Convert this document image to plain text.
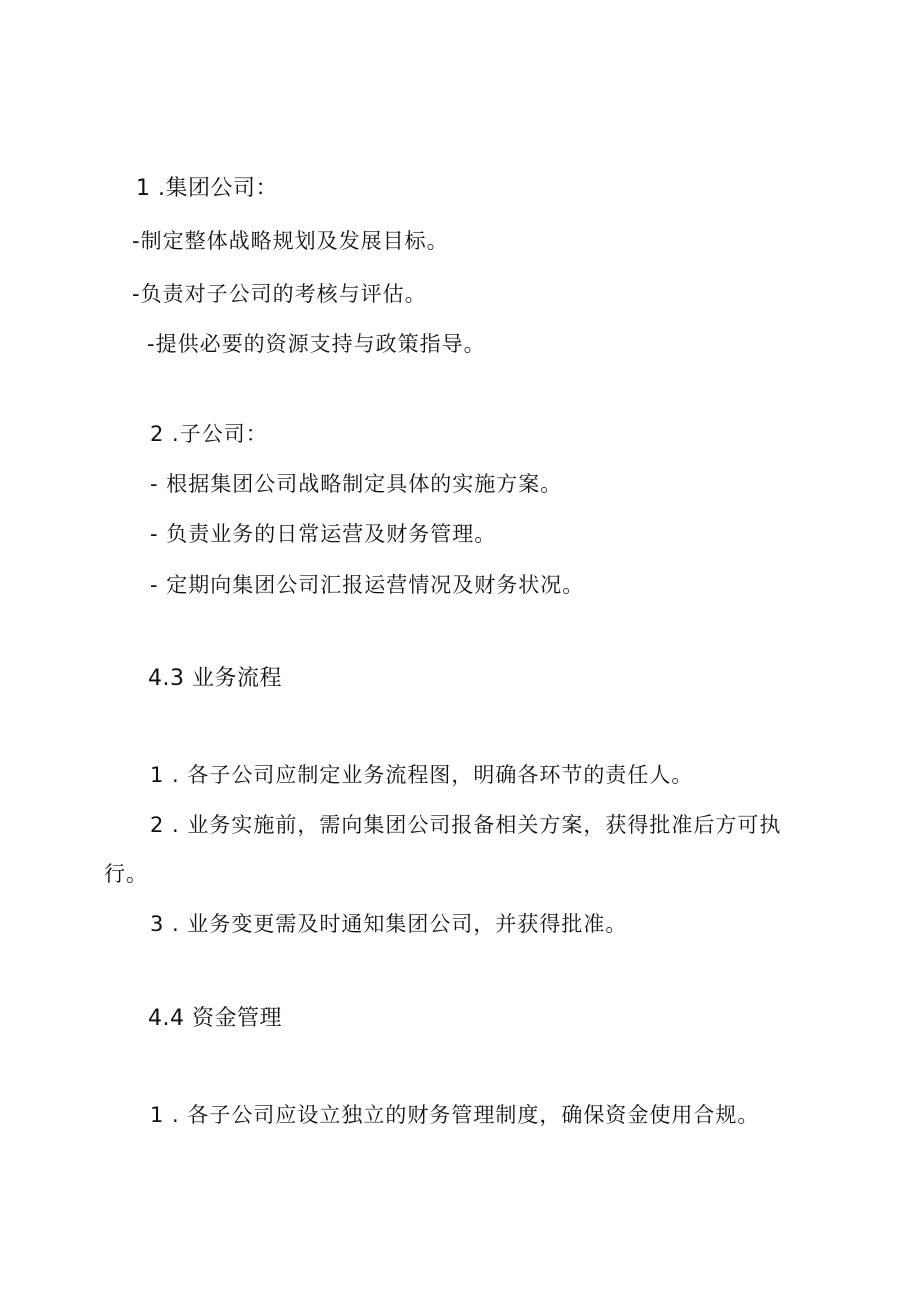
1 .集团公司：
-制定整体战略规划及发展目标。
-负责对子公司的考核与评估。
-提供必要的资源支持与政策指导。
2 .子公司：
- 根据集团公司战略制定具体的实施方案。
- 负责业务的日常运营及财务管理。
- 定期向集团公司汇报运营情况及财务状况。
4.3 业务流程
1 . 各子公司应制定业务流程图，明确各环节的责任人。
2 . 业务实施前，需向集团公司报备相关方案，获得批准后方可执
行。
3 . 业务变更需及时通知集团公司，并获得批准。
4.4 资金管理
1 . 各子公司应设立独立的财务管理制度，确保资金使用合规。
